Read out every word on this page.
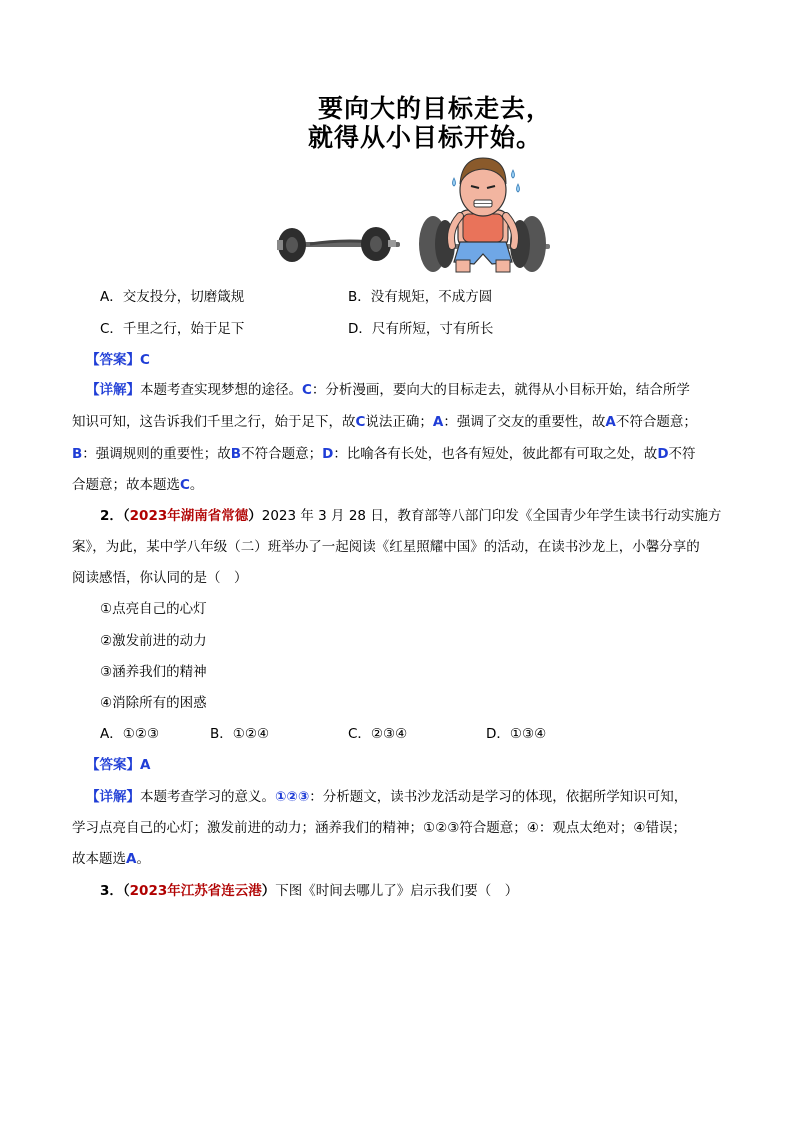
要向大的目标走去，
就得从小目标开始。
A．交友投分，切磨箴规	B．没有规矩，不成方圆
C．千里之行，始于足下	D．尺有所短，寸有所长
【答案】C
【详解】本题考查实现梦想的途径。C：分析漫画，要向大的目标走去，就得从小目标开始，结合所学
知识可知，这告诉我们千里之行，始于足下，故C说法正确；A：强调了交友的重要性，故A不符合题意；
B：强调规则的重要性；故B不符合题意；D：比喻各有长处，也各有短处，彼此都有可取之处，故D不符
合题意；故本题选C。
2．（2023年湖南省常德）2023 年 3 月 28 日，教育部等八部门印发《全国青少年学生读书行动实施方
案》，为此，某中学八年级（二）班举办了一起阅读《红星照耀中国》的活动，在读书沙龙上，小馨分享的
阅读感悟，你认同的是（　）
①点亮自己的心灯
②激发前进的动力
③涵养我们的精神
④消除所有的困惑
A．①②③	B．①②④	C．②③④	D．①③④
【答案】A
【详解】本题考查学习的意义。①②③：分析题文，读书沙龙活动是学习的体现，依据所学知识可知，
学习点亮自己的心灯；激发前进的动力；涵养我们的精神；①②③符合题意；④：观点太绝对；④错误；
故本题选A。
3．（2023年江苏省连云港）下图《时间去哪儿了》启示我们要（　）
